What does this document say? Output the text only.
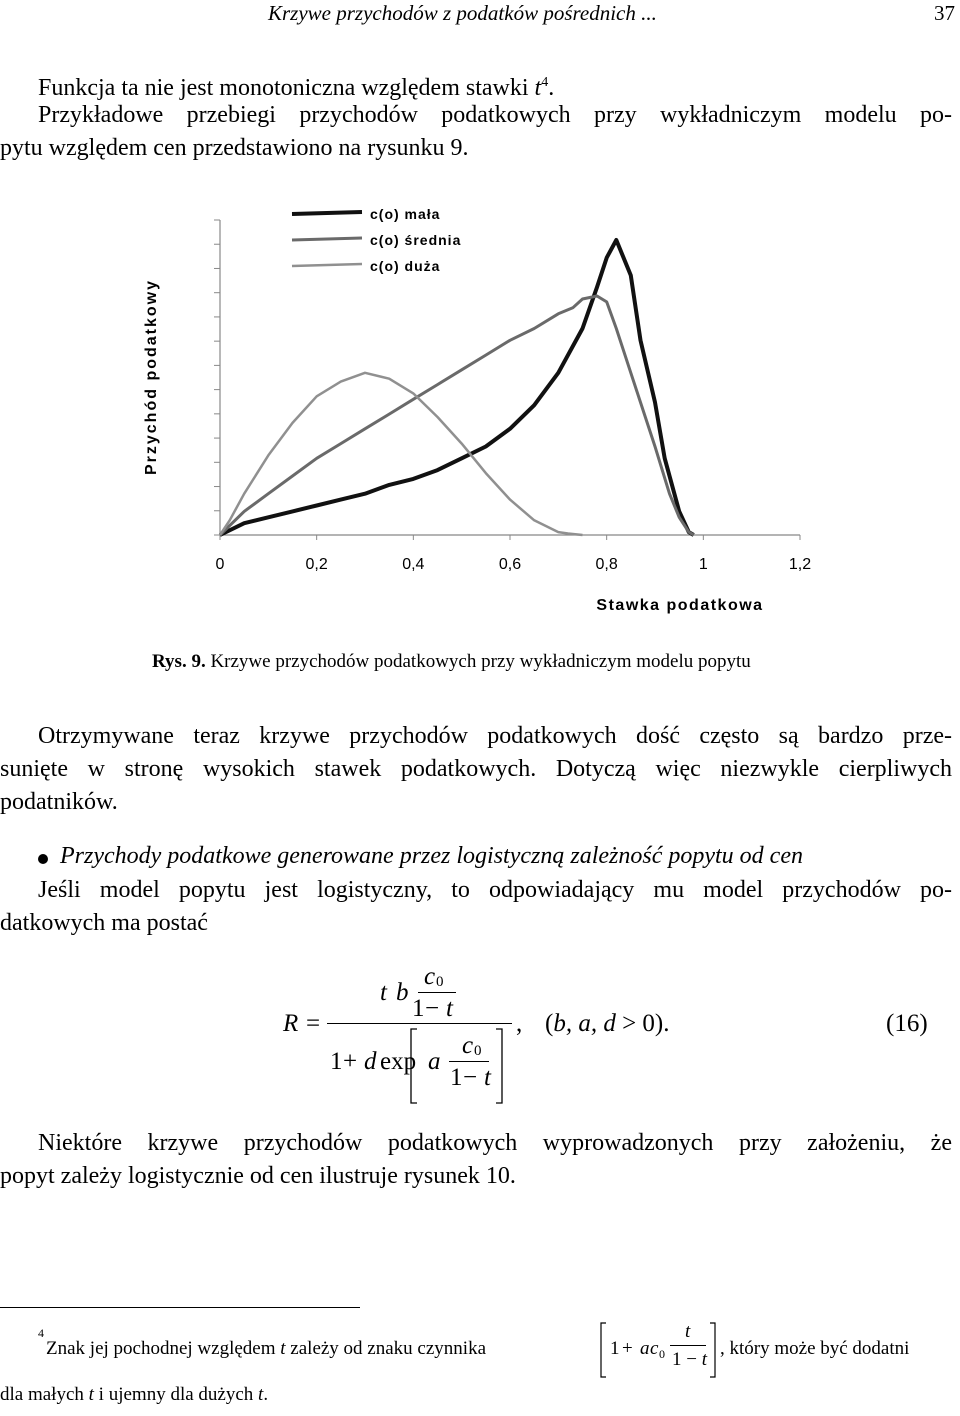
Krzywe przychodów z podatków pośrednich ...	37
Funkcja ta nie jest monotoniczna względem stawki $t^4$.
Przykładowe przebiegi przychodów podatkowych przy wykładniczym modelu po-
pytu względem cen przedstawiono na rysunku 9.
0	0,2	0,4	0,6	0,8	1	1,2
Stawka podatkowa
Przychód podatkowy
c(o) mała
c(o) średnia
c(o) duża
Rys. 9. Krzywe przychodów podatkowych przy wykładniczym modelu popytu
Otrzymywane teraz krzywe przychodów podatkowych dość często są bardzo prze-
sunięte w stronę wysokich stawek podatkowych. Dotyczą więc niezwykle cierpliwych
podatników.
Przychody podatkowe generowane przez logistyczną zależność popytu od cen
Jeśli model popytu jest logistyczny, to odpowiadający mu model przychodów po-
datkowych ma postać
R =
t b
c 0
1 − t
1 + d exp a
c 0
1 − t
, (b, a, d > 0).	(16)
Niektóre krzywe przychodów podatkowych wyprowadzonych przy założeniu, że
popyt zależy logistycznie od cen ilustruje rysunek 10.
4
Znak jej pochodnej względem t zależy od znaku czynnika	1 + a c 0
t
1 − t
, który może być dodatni
dla małych t i ujemny dla dużych t.
